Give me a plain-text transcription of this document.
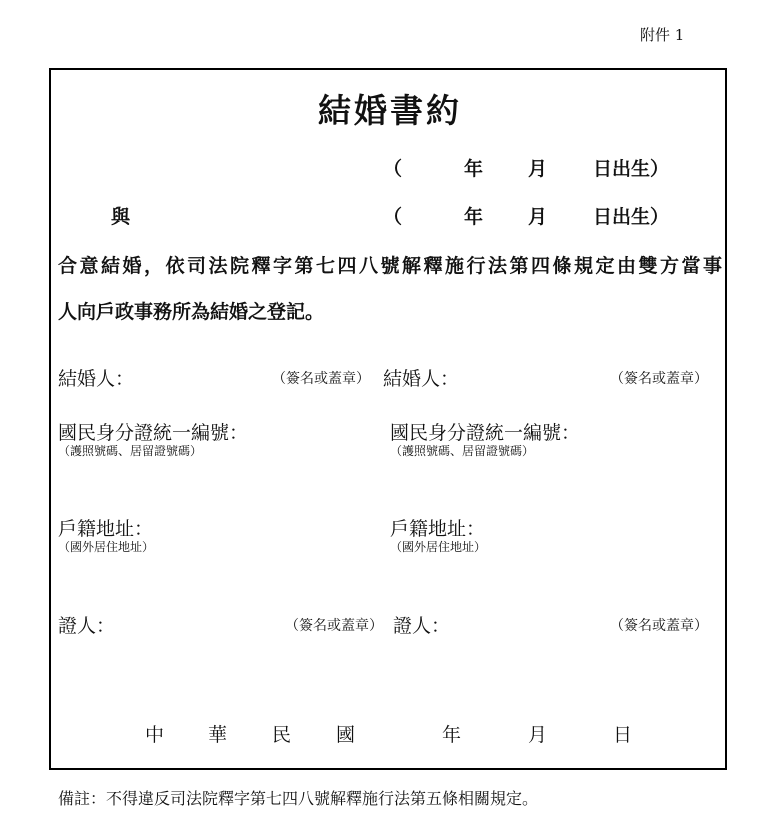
附件 1
結婚書約
（	年 月 日出生）
與	（	年 月 日出生）
合意結婚，依司法院釋字第七四八號解釋施行法第四條規定由雙方當事
人向戶政事務所為結婚之登記。
結婚人：	（簽名或蓋章） 結婚人：	（簽名或蓋章）
國民身分證統一編號：
（護照號碼、居留證號碼）
國民身分證統一編號：
（護照號碼、居留證號碼）
戶籍地址：
（國外居住地址）
戶籍地址：
（國外居住地址）
證人：	（簽名或蓋章） 證人：	（簽名或蓋章）
中 華 民 國	年	月	日
備註：不得違反司法院釋字第七四八號解釋施行法第五條相關規定。
